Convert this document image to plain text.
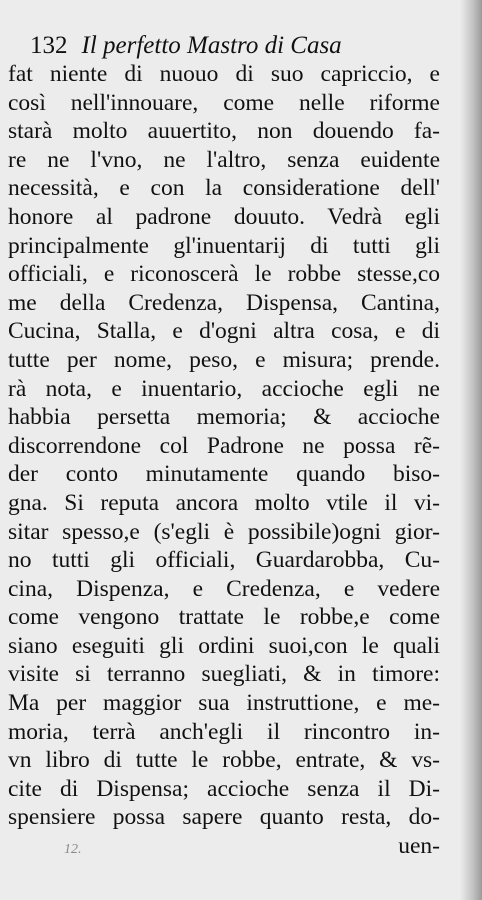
132 Il perfetto Mastro di Casa
fat niente di nuouo di suo capriccio, e
così nell'innouare, come nelle riforme
starà molto auuertito, non douendo fa-
re ne l'vno, ne l'altro, senza euidente
necessità, e con la consideratione dell'
honore al padrone douuto. Vedrà egli
principalmente gl'inuentarij di tutti gli
officiali, e riconoscerà le robbe stesse,co
me della Credenza, Dispensa, Cantina,
Cucina, Stalla, e d'ogni altra cosa, e di
tutte per nome, peso, e misura; prende.
rà nota, e inuentario, accioche egli ne
habbia persetta memoria; & accioche
discorrendone col Padrone ne possa rẽ-
der conto minutamente quando biso-
gna. Si reputa ancora molto vtile il vi-
sitar spesso,e (s'egli è possibile)ogni gior-
no tutti gli officiali, Guardarobba, Cu-
cina, Dispenza, e Credenza, e vedere
come vengono trattate le robbe,e come
siano eseguiti gli ordini suoi,con le quali
visite si terranno suegliati, & in timore:
Ma per maggior sua instruttione, e me-
moria, terrà anch'egli il rincontro in-
vn libro di tutte le robbe, entrate, & vs-
cite di Dispensa; accioche senza il Di-
spensiere possa sapere quanto resta, do-
uen-
12.
